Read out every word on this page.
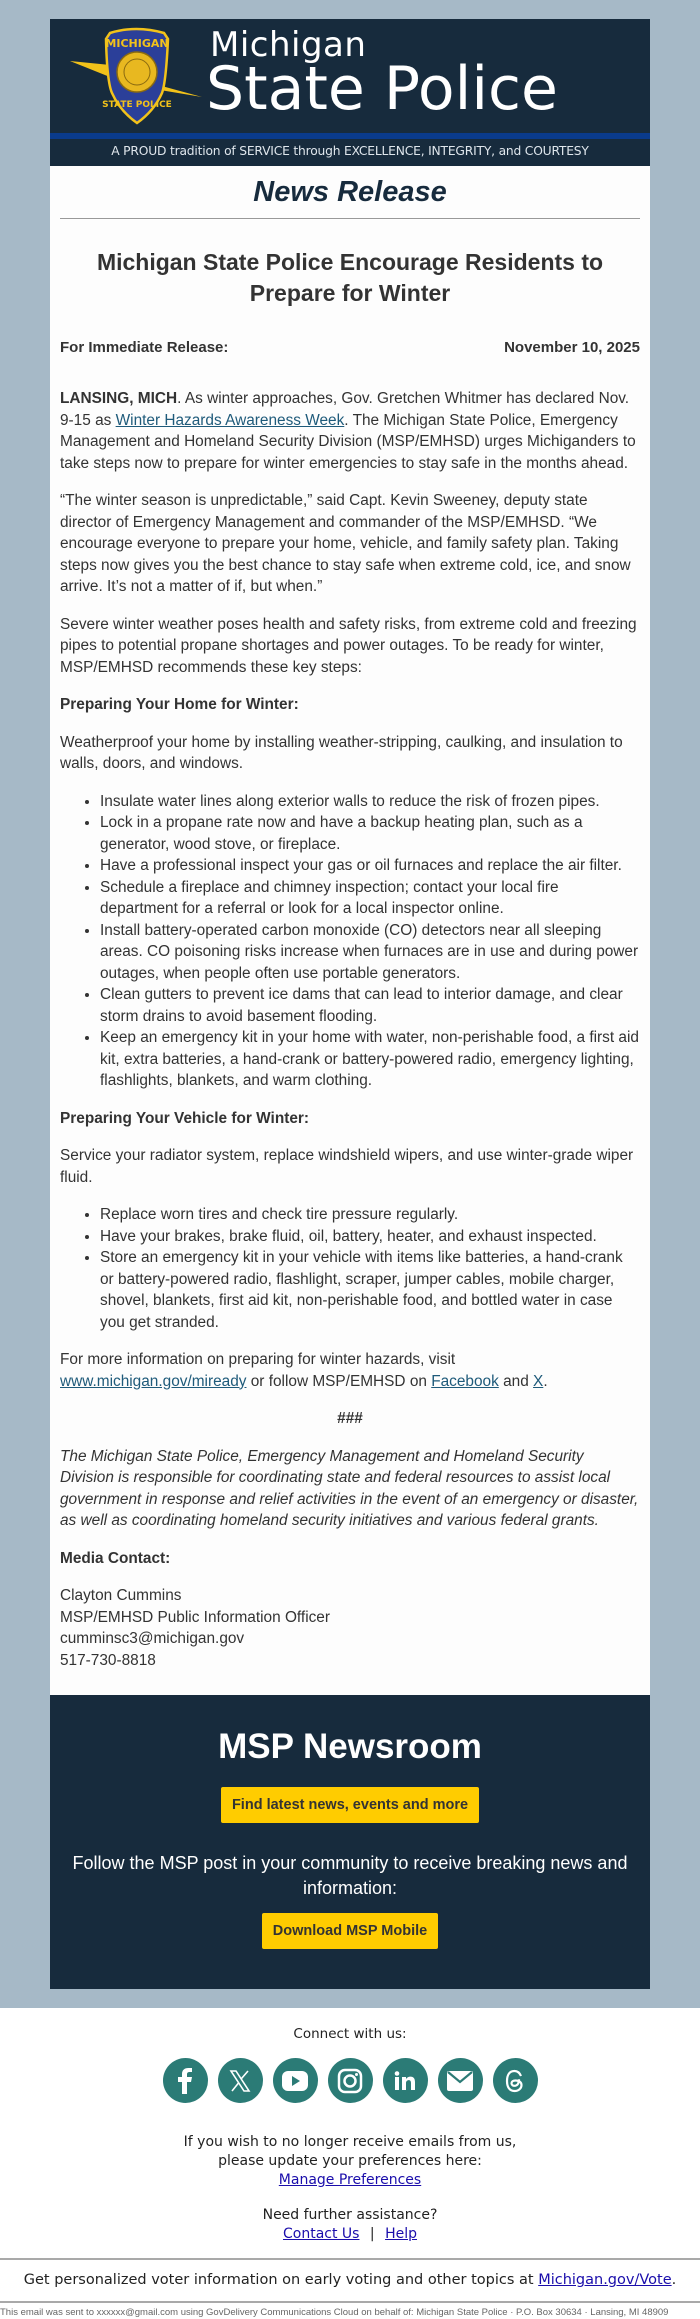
MICHIGAN
STATE POLICE
Michigan
State Police
A PROUD tradition of SERVICE through EXCELLENCE, INTEGRITY, and COURTESY
News Release
Michigan State Police Encourage Residents to Prepare for Winter
For Immediate Release:	November 10, 2025

LANSING, MICH. As winter approaches, Gov. Gretchen Whitmer has declared Nov. 9-15 as Winter Hazards Awareness Week. The Michigan State Police, Emergency Management and Homeland Security Division (MSP/EMHSD) urges Michiganders to take steps now to prepare for winter emergencies to stay safe in the months ahead.

“The winter season is unpredictable,” said Capt. Kevin Sweeney, deputy state director of Emergency Management and commander of the MSP/EMHSD. “We encourage everyone to prepare your home, vehicle, and family safety plan. Taking steps now gives you the best chance to stay safe when extreme cold, ice, and snow arrive. It’s not a matter of if, but when.”

Severe winter weather poses health and safety risks, from extreme cold and freezing pipes to potential propane shortages and power outages. To be ready for winter, MSP/EMHSD recommends these key steps:

Preparing Your Home for Winter:

Weatherproof your home by installing weather-stripping, caulking, and insulation to walls, doors, and windows.

• Insulate water lines along exterior walls to reduce the risk of frozen pipes.
• Lock in a propane rate now and have a backup heating plan, such as a generator, wood stove, or fireplace.
• Have a professional inspect your gas or oil furnaces and replace the air filter.
• Schedule a fireplace and chimney inspection; contact your local fire department for a referral or look for a local inspector online.
• Install battery-operated carbon monoxide (CO) detectors near all sleeping areas. CO poisoning risks increase when furnaces are in use and during power outages, when people often use portable generators.
• Clean gutters to prevent ice dams that can lead to interior damage, and clear storm drains to avoid basement flooding.
• Keep an emergency kit in your home with water, non-perishable food, a first aid kit, extra batteries, a hand-crank or battery-powered radio, emergency lighting, flashlights, blankets, and warm clothing.
Preparing Your Vehicle for Winter:

Service your radiator system, replace windshield wipers, and use winter-grade wiper fluid.

• Replace worn tires and check tire pressure regularly.
• Have your brakes, brake fluid, oil, battery, heater, and exhaust inspected.
• Store an emergency kit in your vehicle with items like batteries, a hand-crank or battery-powered radio, flashlight, scraper, jumper cables, mobile charger, shovel, blankets, first aid kit, non-perishable food, and bottled water in case you get stranded.

For more information on preparing for winter hazards, visit www.michigan.gov/miready or follow MSP/EMHSD on Facebook and X.

###

The Michigan State Police, Emergency Management and Homeland Security Division is responsible for coordinating state and federal resources to assist local government in response and relief activities in the event of an emergency or disaster, as well as coordinating homeland security initiatives and various federal grants.

Media Contact:

Clayton Cummins
MSP/EMHSD Public Information Officer
cumminsc3@michigan.gov
517-730-8818

MSP Newsroom
Find latest news, events and more
Follow the MSP post in your community to receive breaking news and information:
Download MSP Mobile
Connect with us:
If you wish to no longer receive emails from us,
please update your preferences here:
Manage Preferences
Need further assistance?
Contact Us | Help
Get personalized voter information on early voting and other topics at Michigan.gov/Vote.
This email was sent to xxxxxx@gmail.com using GovDelivery Communications Cloud on behalf of: Michigan State Police · P.O. Box 30634 · Lansing, MI 48909
